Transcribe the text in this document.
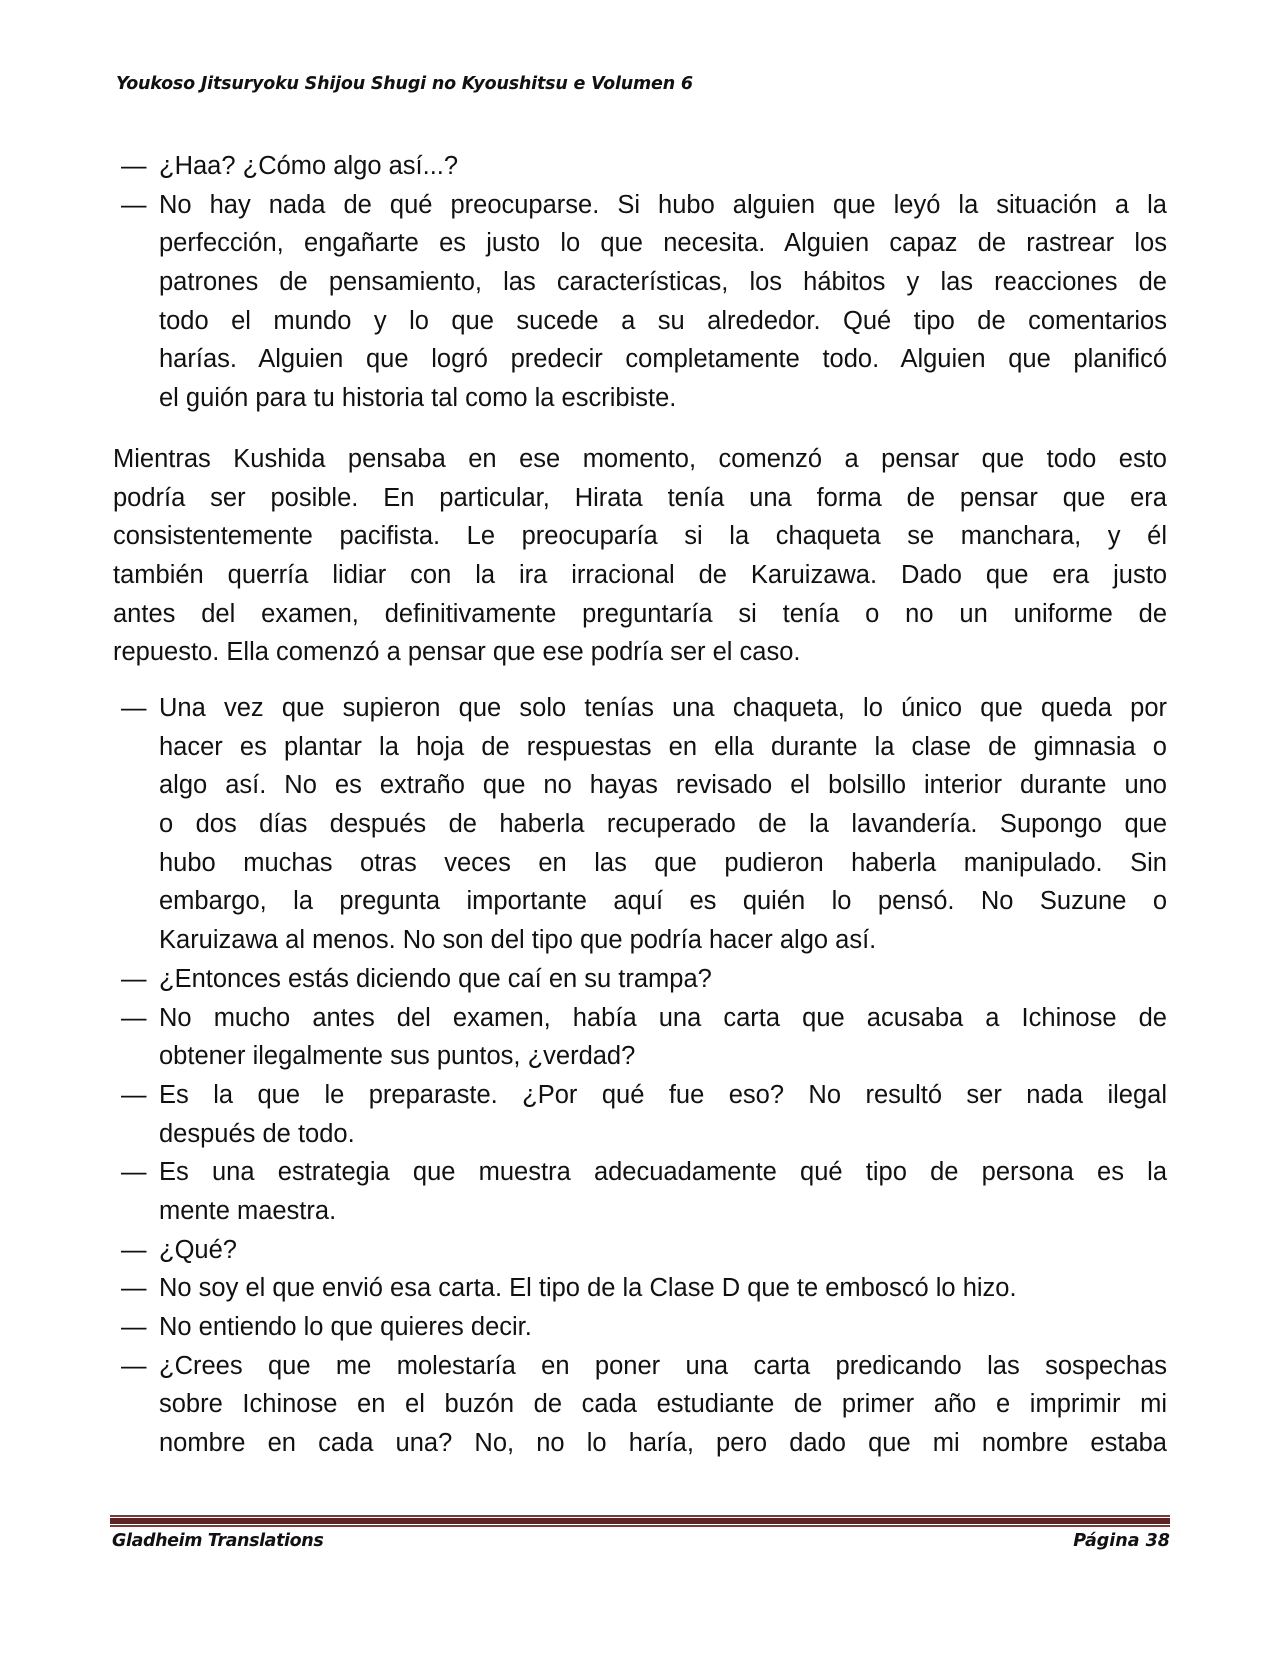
Youkoso Jitsuryoku Shijou Shugi no Kyoushitsu e Volumen 6
— ¿Haa? ¿Cómo algo así...?
— No hay nada de qué preocuparse. Si hubo alguien que leyó la situación a la
perfección, engañarte es justo lo que necesita. Alguien capaz de rastrear los
patrones de pensamiento, las características, los hábitos y las reacciones de
todo el mundo y lo que sucede a su alrededor. Qué tipo de comentarios
harías. Alguien que logró predecir completamente todo. Alguien que planificó
el guión para tu historia tal como la escribiste.
Mientras Kushida pensaba en ese momento, comenzó a pensar que todo esto
podría ser posible. En particular, Hirata tenía una forma de pensar que era
consistentemente pacifista. Le preocuparía si la chaqueta se manchara, y él
también querría lidiar con la ira irracional de Karuizawa. Dado que era justo
antes del examen, definitivamente preguntaría si tenía o no un uniforme de
repuesto. Ella comenzó a pensar que ese podría ser el caso.
— Una vez que supieron que solo tenías una chaqueta, lo único que queda por
hacer es plantar la hoja de respuestas en ella durante la clase de gimnasia o
algo así. No es extraño que no hayas revisado el bolsillo interior durante uno
o dos días después de haberla recuperado de la lavandería. Supongo que
hubo muchas otras veces en las que pudieron haberla manipulado. Sin
embargo, la pregunta importante aquí es quién lo pensó. No Suzune o
Karuizawa al menos. No son del tipo que podría hacer algo así.
— ¿Entonces estás diciendo que caí en su trampa?
— No mucho antes del examen, había una carta que acusaba a Ichinose de
obtener ilegalmente sus puntos, ¿verdad?
— Es la que le preparaste. ¿Por qué fue eso? No resultó ser nada ilegal
después de todo.
— Es una estrategia que muestra adecuadamente qué tipo de persona es la
mente maestra.
— ¿Qué?
— No soy el que envió esa carta. El tipo de la Clase D que te emboscó lo hizo.
— No entiendo lo que quieres decir.
— ¿Crees que me molestaría en poner una carta predicando las sospechas
sobre Ichinose en el buzón de cada estudiante de primer año e imprimir mi
nombre en cada una? No, no lo haría, pero dado que mi nombre estaba
Gladheim Translations	Página 38
